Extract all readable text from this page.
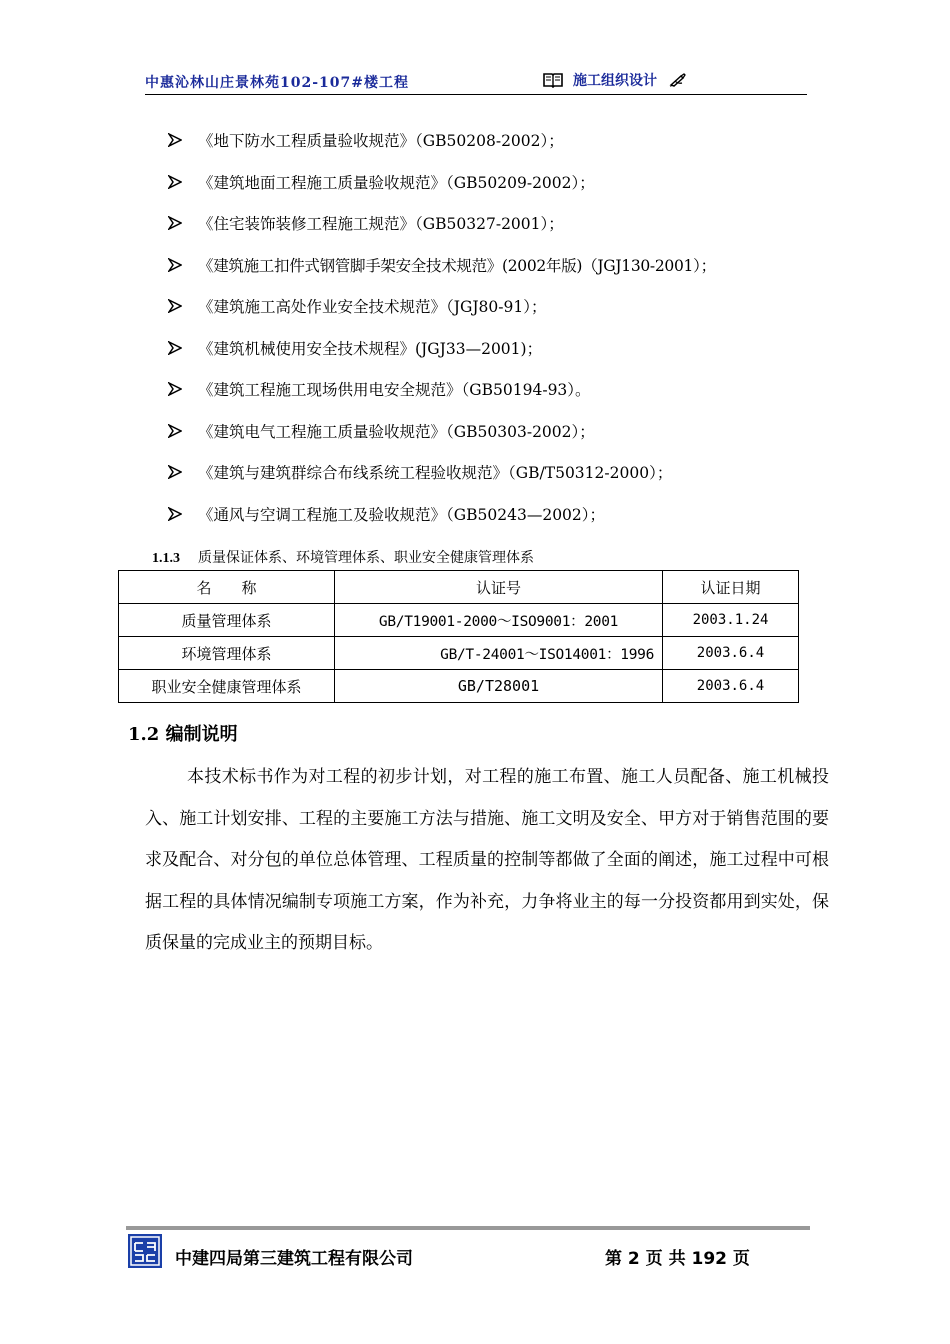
中惠沁林山庄景林苑102-107#楼工程	施工组织设计
《地下防水工程质量验收规范》（GB50208-2002）；
《建筑地面工程施工质量验收规范》（GB50209-2002）；
《住宅装饰装修工程施工规范》（GB50327-2001）；
《建筑施工扣件式钢管脚手架安全技术规范》(2002年版)（JGJ130-2001）；
《建筑施工高处作业安全技术规范》（JGJ80-91）；
《建筑机械使用安全技术规程》(JGJ33—2001)；
《建筑工程施工现场供用电安全规范》（GB50194-93）。
《建筑电气工程施工质量验收规范》（GB50303-2002）；
《建筑与建筑群综合布线系统工程验收规范》（GB/T50312-2000）；
《通风与空调工程施工及验收规范》（GB50243—2002）；
1.1.3 质量保证体系、环境管理体系、职业安全健康管理体系
名　　称	认证号	认证日期
质量管理体系	GB/T19001-2000～ISO9001：2001	2003.1.24
环境管理体系	GB/T-24001～ISO14001：1996	2003.6.4
职业安全健康管理体系	GB/T28001	2003.6.4
1.2 编制说明
本技术标书作为对工程的初步计划，对工程的施工布置、施工人员配备、施工机械投入、施工计划安排、工程的主要施工方法与措施、施工文明及安全、甲方对于销售范围的要求及配合、对分包的单位总体管理、工程质量的控制等都做了全面的阐述，施工过程中可根据工程的具体情况编制专项施工方案，作为补充，力争将业主的每一分投资都用到实处，保质保量的完成业主的预期目标。
中建四局第三建筑工程有限公司	第 2 页 共 192 页
